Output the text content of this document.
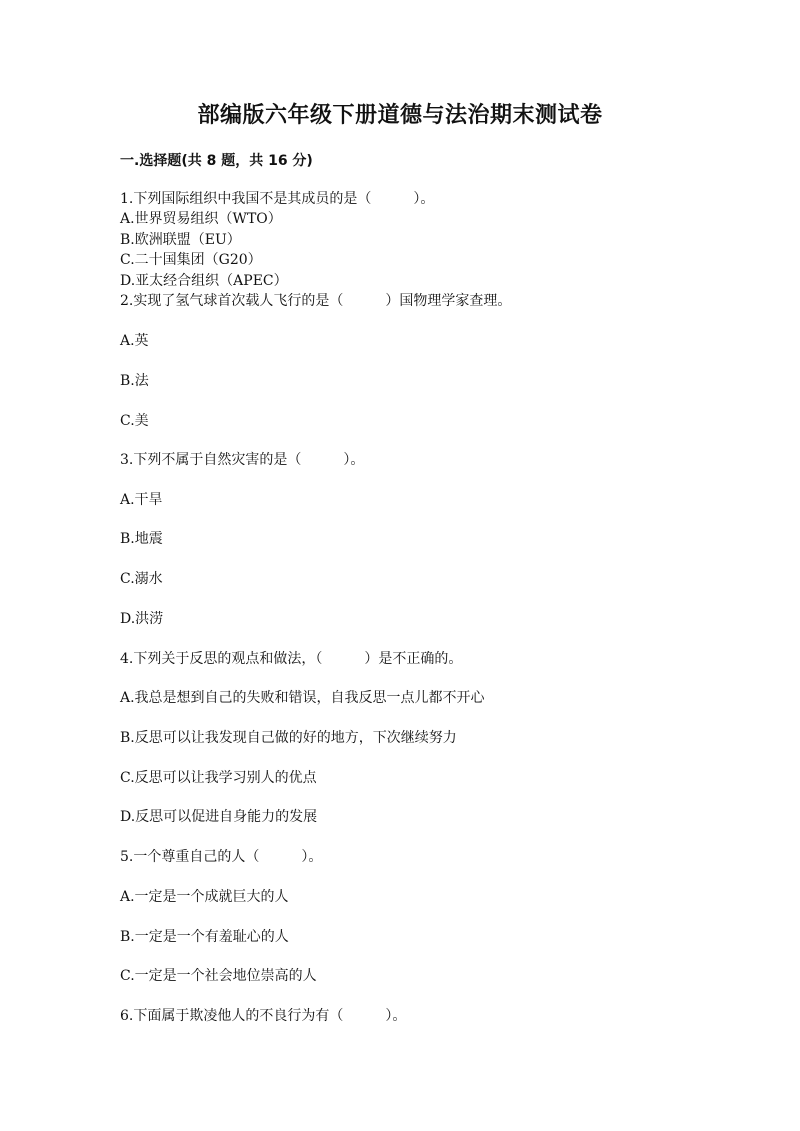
部编版六年级下册道德与法治期末测试卷
一.选择题(共 8 题，共 16 分)

1.下列国际组织中我国不是其成员的是（　　　）。

A.世界贸易组织（WTO）

B.欧洲联盟（EU）

C.二十国集团（G20）

D.亚太经合组织（APEC）

2.实现了氢气球首次载人飞行的是（　　　）国物理学家查理。

A.英

B.法

C.美

3.下列不属于自然灾害的是（　　　）。

A.干旱

B.地震

C.溺水

D.洪涝

4.下列关于反思的观点和做法，（　　　）是不正确的。

A.我总是想到自己的失败和错误，自我反思一点儿都不开心

B.反思可以让我发现自己做的好的地方，下次继续努力

C.反思可以让我学习别人的优点

D.反思可以促进自身能力的发展

5.一个尊重自己的人（　　　）。

A.一定是一个成就巨大的人

B.一定是一个有羞耻心的人

C.一定是一个社会地位崇高的人

6.下面属于欺凌他人的不良行为有（　　　）。
